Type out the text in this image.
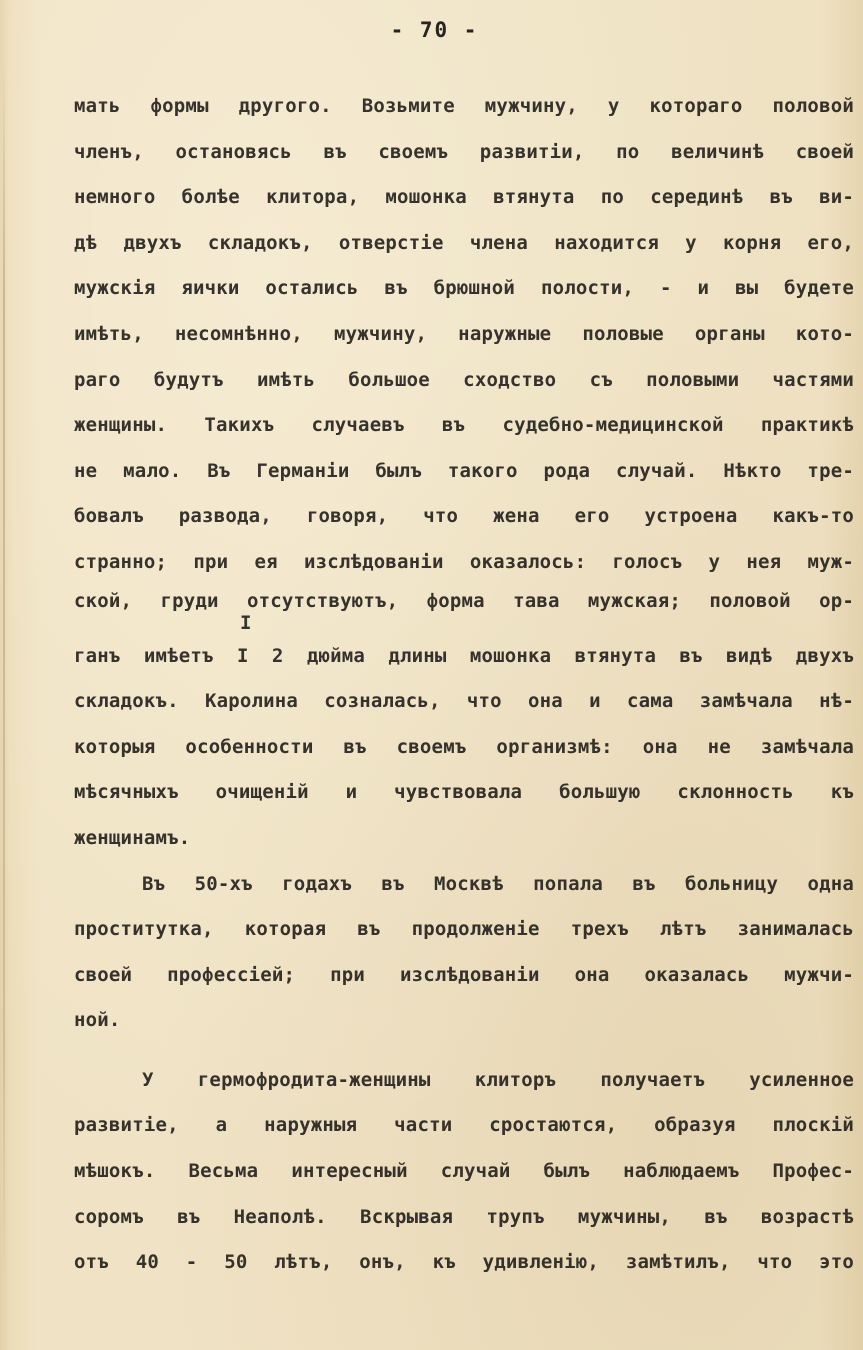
- 70 -
мать формы другого. Возьмите мужчину, у котораго половой
членъ, остановясь въ своемъ развитіи, по величинѣ своей
немного болѣе клитора, мошонка втянута по серединѣ въ ви-
дѣ двухъ складокъ, отверстіе члена находится у корня его,
мужскія яички остались въ брюшной полости, - и вы будете
имѣть, несомнѣнно, мужчину, наружные половые органы кото-
раго будутъ имѣть большое сходство съ половыми частями
женщины. Такихъ случаевъ въ судебно-медицинской практикѣ
не мало. Въ Германіи былъ такого рода случай. Нѣкто тре-
бовалъ развода, говоря, что жена его устроена какъ-то
странно; при ея изслѣдованіи оказалось: голосъ у нея муж-
ской, груди отсутствуютъ, форма тава мужская; половой ор-
I
ганъ имѣетъ I 2 дюйма длины мошонка втянута въ видѣ двухъ
складокъ. Каролина созналась, что она и сама замѣчала нѣ-
которыя особенности въ своемъ организмѣ: она не замѣчала
мѣсячныхъ очищеній и чувствовала большую склонность къ
женщинамъ.
Въ 50-хъ годахъ въ Москвѣ попала въ больницу одна
проститутка, которая въ продолженіе трехъ лѣтъ занималась
своей профессіей; при изслѣдованіи она оказалась мужчи-
ной.
У гермофродита-женщины клиторъ получаетъ усиленное
развитіе, а наружныя части сростаются, образуя плоскій
мѣшокъ. Весьма интересный случай былъ наблюдаемъ Профес-
соромъ въ Неаполѣ. Вскрывая трупъ мужчины, въ возрастѣ
отъ 40 - 50 лѣтъ, онъ, къ удивленію, замѣтилъ, что это
